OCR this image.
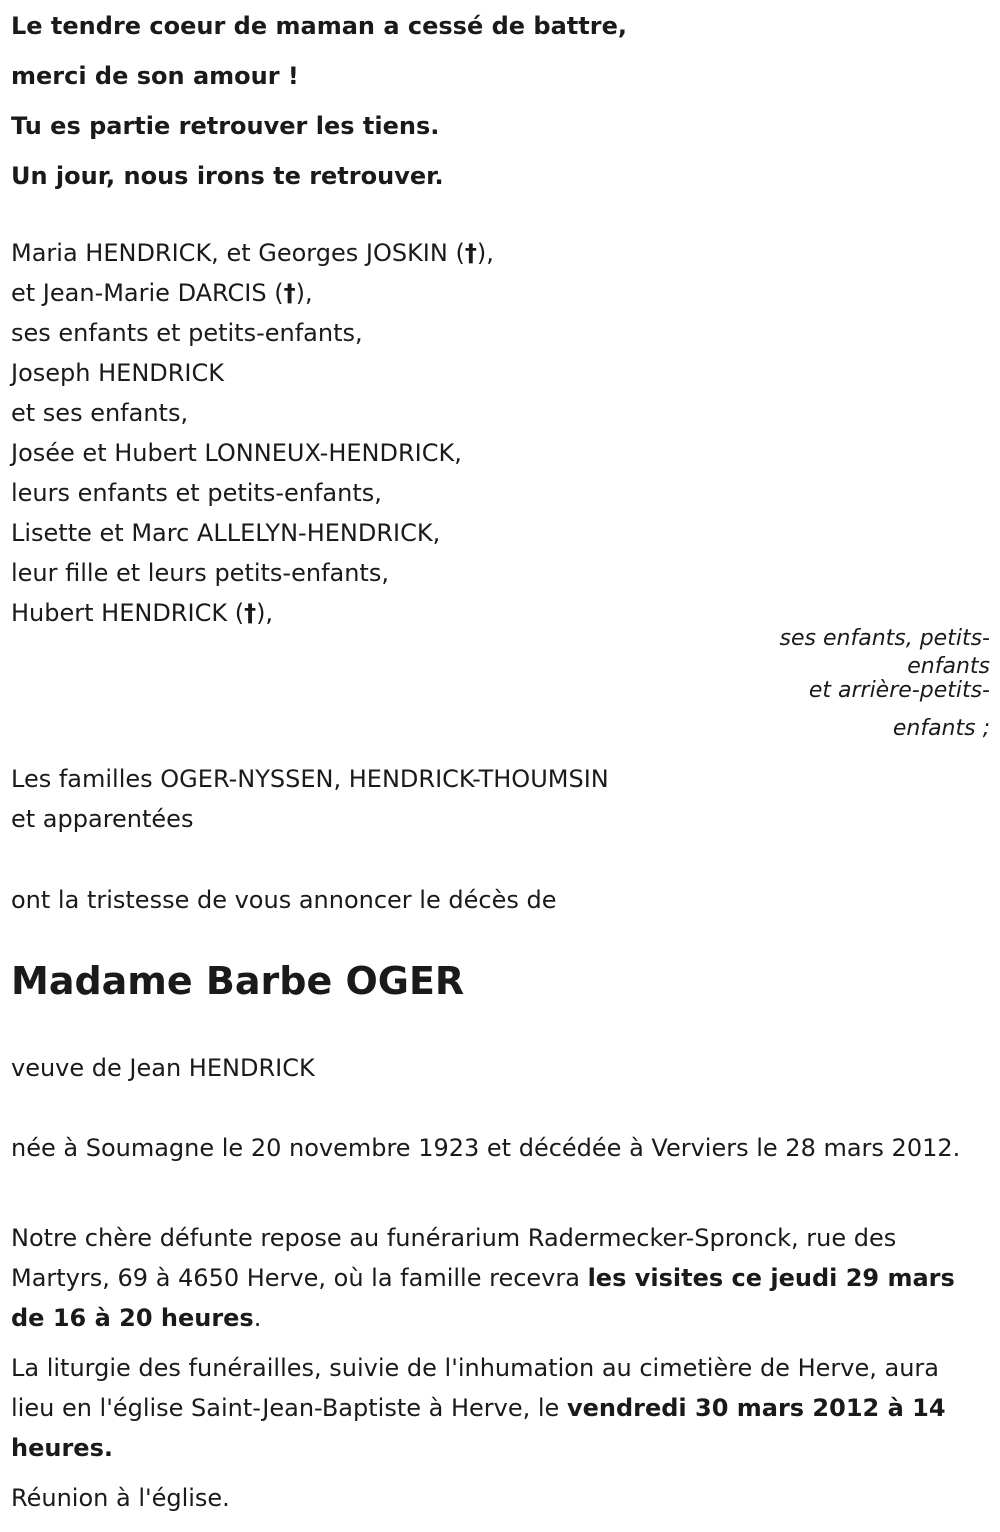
Le tendre coeur de maman a cessé de battre,
merci de son amour !
Tu es partie retrouver les tiens.
Un jour, nous irons te retrouver.
Maria HENDRICK, et Georges JOSKIN (†),
et Jean-Marie DARCIS (†),
ses enfants et petits-enfants,
Joseph HENDRICK
et ses enfants,
Josée et Hubert LONNEUX-HENDRICK,
leurs enfants et petits-enfants,
Lisette et Marc ALLELYN-HENDRICK,
leur fille et leurs petits-enfants,
Hubert HENDRICK (†),
ses enfants, petits-
enfants
et arrière-petits-
enfants ;
Les familles OGER-NYSSEN, HENDRICK-THOUMSIN
et apparentées
ont la tristesse de vous annoncer le décès de
Madame Barbe OGER
veuve de Jean HENDRICK
née à Soumagne le 20 novembre 1923 et décédée à Verviers le 28 mars 2012.
Notre chère défunte repose au funérarium Radermecker-Spronck, rue des Martyrs, 69 à 4650 Herve, où la famille recevra les visites ce jeudi 29 mars de 16 à 20 heures.
La liturgie des funérailles, suivie de l'inhumation au cimetière de Herve, aura lieu en l'église Saint-Jean-Baptiste à Herve, le vendredi 30 mars 2012 à 14 heures.
Réunion à l'église.
